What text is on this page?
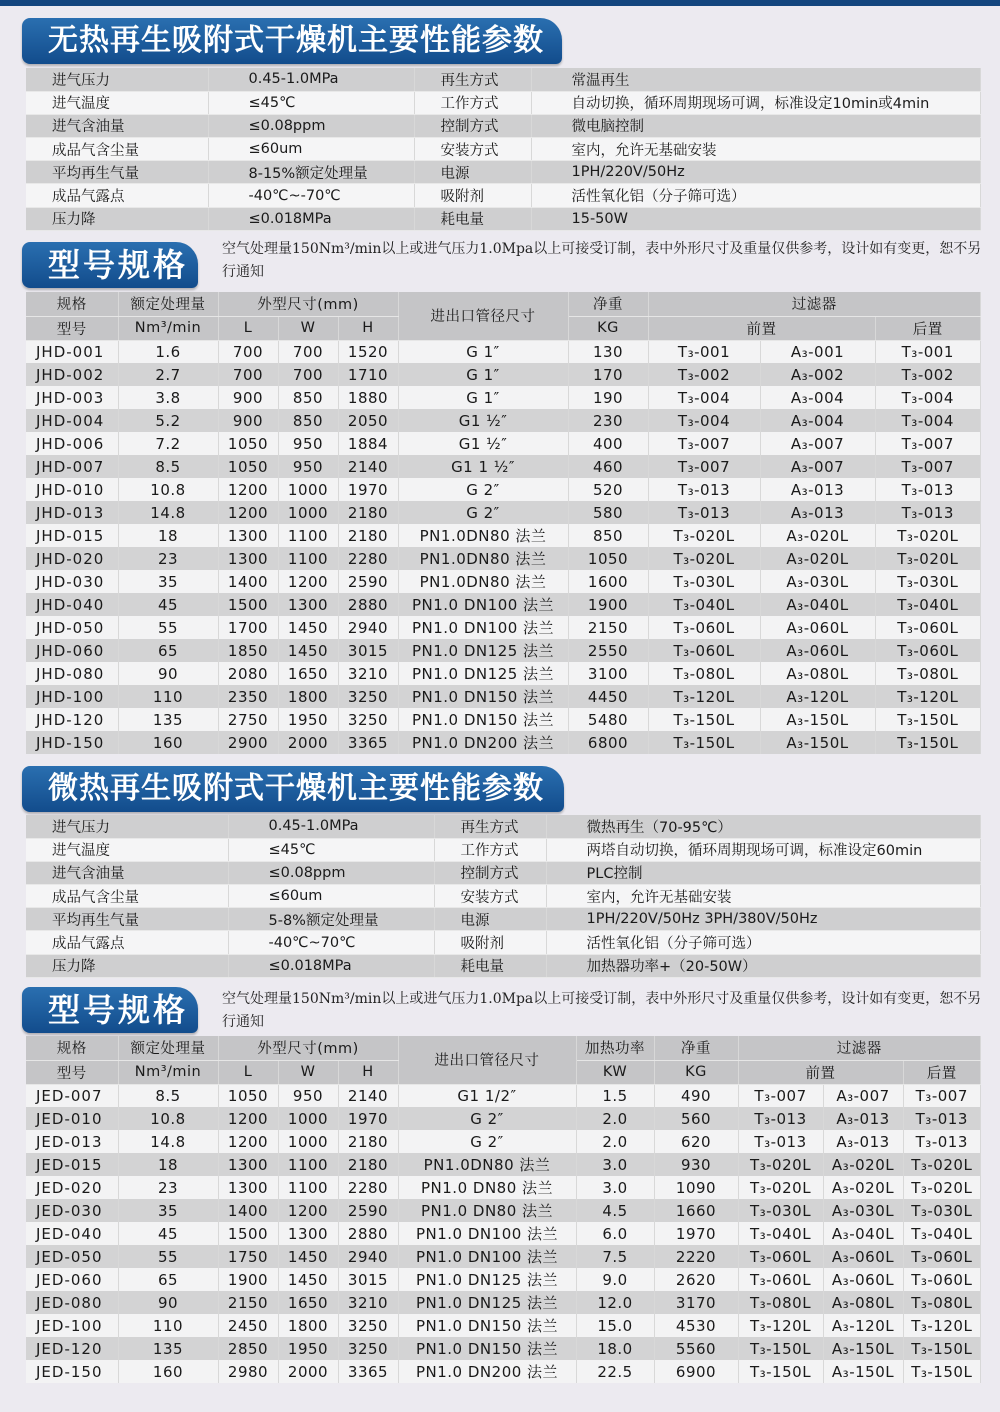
无热再生吸附式干燥机主要性能参数
进气压力	0.45-1.0MPa	再生方式	常温再生
进气温度	≤45℃	工作方式	自动切换，循环周期现场可调，标准设定10min或4min
进气含油量	≤0.08ppm	控制方式	微电脑控制
成品气含尘量	≤60um	安装方式	室内，允许无基础安装
平均再生气量	8-15%额定处理量	电源	1PH/220V/50Hz
成品气露点	-40℃~-70℃	吸附剂	活性氧化铝（分子筛可选）
压力降	≤0.018MPa	耗电量	15-50W
型号规格	空气处理量150Nm³/min以上或进气压力1.0Mpa以上可接受订制，表中外形尺寸及重量仅供参考，设计如有变更，恕不另行通知
规格	额定处理量	外型尺寸(mm)			进出口管径尺寸	净重	过滤器		
型号	Nm³/min	L	W	H		KG	前置		后置
JHD-001	1.6	700	700	1520	G 1″	130	T₃-001	A₃-001	T₃-001
JHD-002	2.7	700	700	1710	G 1″	170	T₃-002	A₃-002	T₃-002
JHD-003	3.8	900	850	1880	G 1″	190	T₃-004	A₃-004	T₃-004
JHD-004	5.2	900	850	2050	G1 ½″	230	T₃-004	A₃-004	T₃-004
JHD-006	7.2	1050	950	1884	G1 ½″	400	T₃-007	A₃-007	T₃-007
JHD-007	8.5	1050	950	2140	G1 1 ½″	460	T₃-007	A₃-007	T₃-007
JHD-010	10.8	1200	1000	1970	G 2″	520	T₃-013	A₃-013	T₃-013
JHD-013	14.8	1200	1000	2180	G 2″	580	T₃-013	A₃-013	T₃-013
JHD-015	18	1300	1100	2180	PN1.0DN80 法兰	850	T₃-020L	A₃-020L	T₃-020L
JHD-020	23	1300	1100	2280	PN1.0DN80 法兰	1050	T₃-020L	A₃-020L	T₃-020L
JHD-030	35	1400	1200	2590	PN1.0DN80 法兰	1600	T₃-030L	A₃-030L	T₃-030L
JHD-040	45	1500	1300	2880	PN1.0 DN100 法兰	1900	T₃-040L	A₃-040L	T₃-040L
JHD-050	55	1700	1450	2940	PN1.0 DN100 法兰	2150	T₃-060L	A₃-060L	T₃-060L
JHD-060	65	1850	1450	3015	PN1.0 DN125 法兰	2550	T₃-060L	A₃-060L	T₃-060L
JHD-080	90	2080	1650	3210	PN1.0 DN125 法兰	3100	T₃-080L	A₃-080L	T₃-080L
JHD-100	110	2350	1800	3250	PN1.0 DN150 法兰	4450	T₃-120L	A₃-120L	T₃-120L
JHD-120	135	2750	1950	3250	PN1.0 DN150 法兰	5480	T₃-150L	A₃-150L	T₃-150L
JHD-150	160	2900	2000	3365	PN1.0 DN200 法兰	6800	T₃-150L	A₃-150L	T₃-150L
微热再生吸附式干燥机主要性能参数
进气压力	0.45-1.0MPa	再生方式	微热再生（70-95℃）
进气温度	≤45℃	工作方式	两塔自动切换，循环周期现场可调，标准设定60min
进气含油量	≤0.08ppm	控制方式	PLC控制
成品气含尘量	≤60um	安装方式	室内，允许无基础安装
平均再生气量	5-8%额定处理量	电源	1PH/220V/50Hz 3PH/380V/50Hz
成品气露点	-40℃~70℃	吸附剂	活性氧化铝（分子筛可选）
压力降	≤0.018MPa	耗电量	加热器功率+（20-50W）
型号规格	空气处理量150Nm³/min以上或进气压力1.0Mpa以上可接受订制，表中外形尺寸及重量仅供参考，设计如有变更，恕不另行通知
规格	额定处理量	外型尺寸(mm)			进出口管径尺寸	加热功率	净重	过滤器		
型号	Nm³/min	L	W	H		KW	KG	前置		后置
JED-007	8.5	1050	950	2140	G1 1/2″	1.5	490	T₃-007	A₃-007	T₃-007
JED-010	10.8	1200	1000	1970	G 2″	2.0	560	T₃-013	A₃-013	T₃-013
JED-013	14.8	1200	1000	2180	G 2″	2.0	620	T₃-013	A₃-013	T₃-013
JED-015	18	1300	1100	2180	PN1.0DN80 法兰	3.0	930	T₃-020L	A₃-020L	T₃-020L
JED-020	23	1300	1100	2280	PN1.0 DN80 法兰	3.0	1090	T₃-020L	A₃-020L	T₃-020L
JED-030	35	1400	1200	2590	PN1.0 DN80 法兰	4.5	1660	T₃-030L	A₃-030L	T₃-030L
JED-040	45	1500	1300	2880	PN1.0 DN100 法兰	6.0	1970	T₃-040L	A₃-040L	T₃-040L
JED-050	55	1750	1450	2940	PN1.0 DN100 法兰	7.5	2220	T₃-060L	A₃-060L	T₃-060L
JED-060	65	1900	1450	3015	PN1.0 DN125 法兰	9.0	2620	T₃-060L	A₃-060L	T₃-060L
JED-080	90	2150	1650	3210	PN1.0 DN125 法兰	12.0	3170	T₃-080L	A₃-080L	T₃-080L
JED-100	110	2450	1800	3250	PN1.0 DN150 法兰	15.0	4530	T₃-120L	A₃-120L	T₃-120L
JED-120	135	2850	1950	3250	PN1.0 DN150 法兰	18.0	5560	T₃-150L	A₃-150L	T₃-150L
JED-150	160	2980	2000	3365	PN1.0 DN200 法兰	22.5	6900	T₃-150L	A₃-150L	T₃-150L
